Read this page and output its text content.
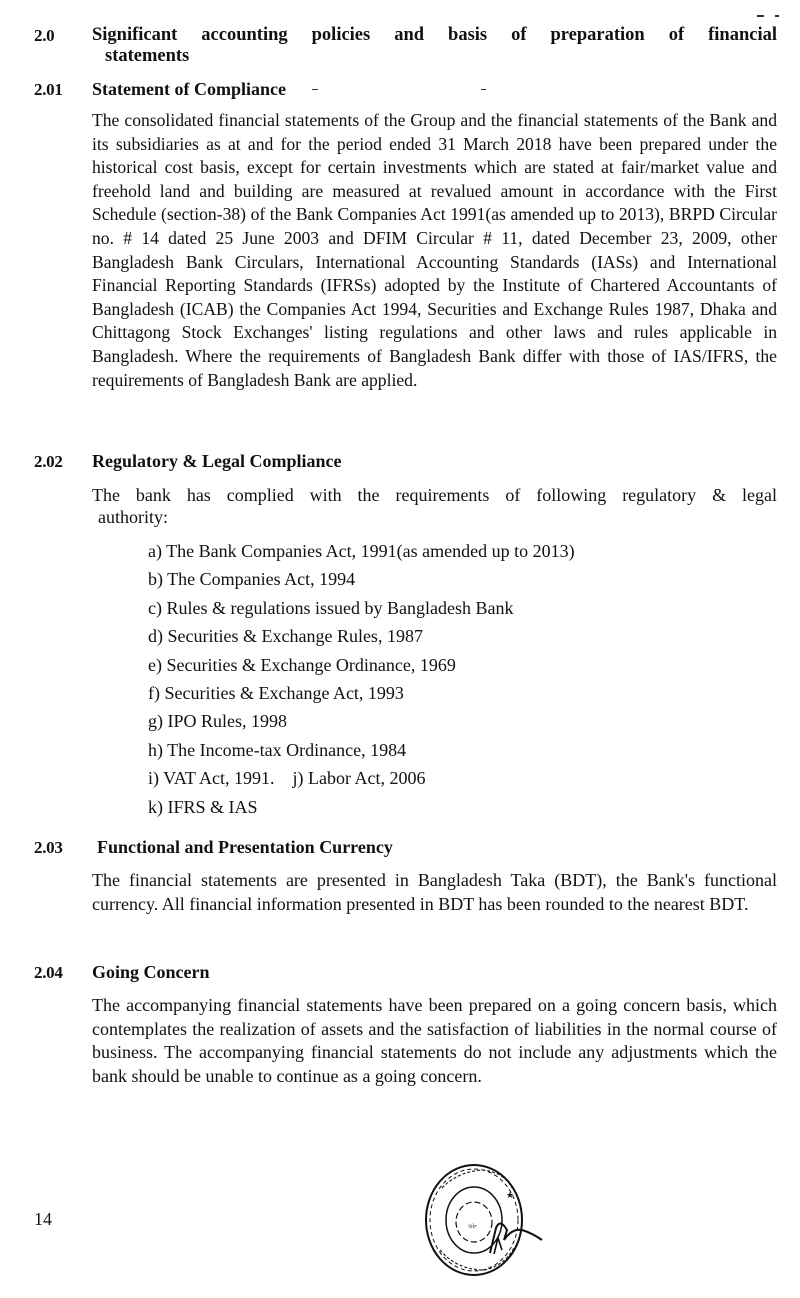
2.0 Significant accounting policies and basis of preparation of financial
statements
2.01 Statement of Compliance
The consolidated financial statements of the Group and the financial statements of the Bank and its subsidiaries as at and for the period ended 31 March 2018 have been prepared under the historical cost basis, except for certain investments which are stated at fair/market value and freehold land and building are measured at revalued amount in accordance with the First Schedule (section-38) of the Bank Companies Act 1991(as amended up to 2013), BRPD Circular no. # 14 dated 25 June 2003 and DFIM Circular # 11, dated December 23, 2009, other Bangladesh Bank Circulars, International Accounting Standards (IASs) and International Financial Reporting Standards (IFRSs) adopted by the Institute of Chartered Accountants of Bangladesh (ICAB) the Companies Act 1994, Securities and Exchange Rules 1987, Dhaka and Chittagong Stock Exchanges' listing regulations and other laws and rules applicable in Bangladesh. Where the requirements of Bangladesh Bank differ with those of IAS/IFRS, the requirements of Bangladesh Bank are applied.
2.02 Regulatory & Legal Compliance
The bank has complied with the requirements of following regulatory & legal
authority:
a) The Bank Companies Act, 1991(as amended up to 2013)
b) The Companies Act, 1994
c) Rules & regulations issued by Bangladesh Bank
d) Securities & Exchange Rules, 1987
e) Securities & Exchange Ordinance, 1969
f) Securities & Exchange Act, 1993
g) IPO Rules, 1998
h) The Income-tax Ordinance, 1984
i) VAT Act, 1991.    j) Labor Act, 2006
k) IFRS & IAS
2.03 Functional and Presentation Currency
The financial statements are presented in Bangladesh Taka (BDT), the Bank's functional currency. All financial information presented in BDT has been rounded to the nearest BDT.
2.04 Going Concern
The accompanying financial statements have been prepared on a going concern basis, which contemplates the realization of assets and the satisfaction of liabilities in the normal course of business. The accompanying financial statements do not include any adjustments which the bank should be unable to continue as a going concern.
14	৬৮
★
